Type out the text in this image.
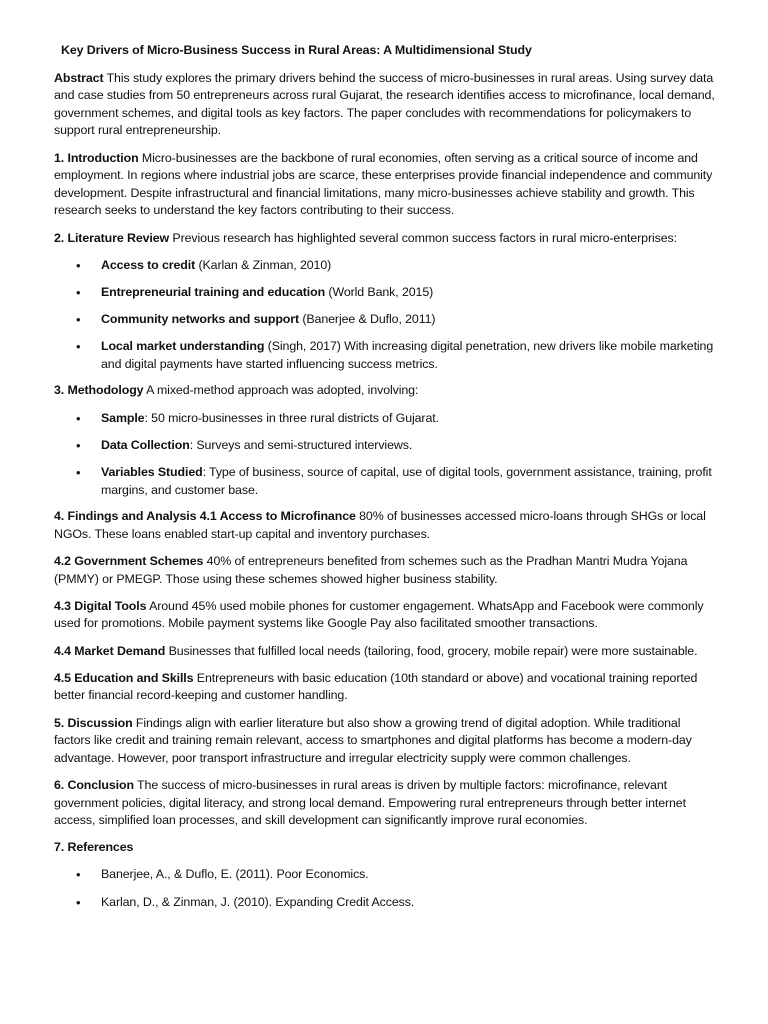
Key Drivers of Micro-Business Success in Rural Areas: A Multidimensional Study

Abstract This study explores the primary drivers behind the success of micro-businesses in rural areas. Using survey data and case studies from 50 entrepreneurs across rural Gujarat, the research identifies access to microfinance, local demand, government schemes, and digital tools as key factors. The paper concludes with recommendations for policymakers to support rural entrepreneurship.

1. Introduction Micro-businesses are the backbone of rural economies, often serving as a critical source of income and employment. In regions where industrial jobs are scarce, these enterprises provide financial independence and community development. Despite infrastructural and financial limitations, many micro-businesses achieve stability and growth. This research seeks to understand the key factors contributing to their success.

2. Literature Review Previous research has highlighted several common success factors in rural micro-enterprises:

• Access to credit (Karlan & Zinman, 2010)
• Entrepreneurial training and education (World Bank, 2015)
• Community networks and support (Banerjee & Duflo, 2011)
• Local market understanding (Singh, 2017) With increasing digital penetration, new drivers like mobile marketing and digital payments have started influencing success metrics.

3. Methodology A mixed-method approach was adopted, involving:

• Sample: 50 micro-businesses in three rural districts of Gujarat.
• Data Collection: Surveys and semi-structured interviews.
• Variables Studied: Type of business, source of capital, use of digital tools, government assistance, training, profit margins, and customer base.

4. Findings and Analysis 4.1 Access to Microfinance 80% of businesses accessed micro-loans through SHGs or local NGOs. These loans enabled start-up capital and inventory purchases.

4.2 Government Schemes 40% of entrepreneurs benefited from schemes such as the Pradhan Mantri Mudra Yojana (PMMY) or PMEGP. Those using these schemes showed higher business stability.

4.3 Digital Tools Around 45% used mobile phones for customer engagement. WhatsApp and Facebook were commonly used for promotions. Mobile payment systems like Google Pay also facilitated smoother transactions.

4.4 Market Demand Businesses that fulfilled local needs (tailoring, food, grocery, mobile repair) were more sustainable.

4.5 Education and Skills Entrepreneurs with basic education (10th standard or above) and vocational training reported better financial record-keeping and customer handling.

5. Discussion Findings align with earlier literature but also show a growing trend of digital adoption. While traditional factors like credit and training remain relevant, access to smartphones and digital platforms has become a modern-day advantage. However, poor transport infrastructure and irregular electricity supply were common challenges.

6. Conclusion The success of micro-businesses in rural areas is driven by multiple factors: microfinance, relevant government policies, digital literacy, and strong local demand. Empowering rural entrepreneurs through better internet access, simplified loan processes, and skill development can significantly improve rural economies.

7. References

• Banerjee, A., & Duflo, E. (2011). Poor Economics.
• Karlan, D., & Zinman, J. (2010). Expanding Credit Access.
